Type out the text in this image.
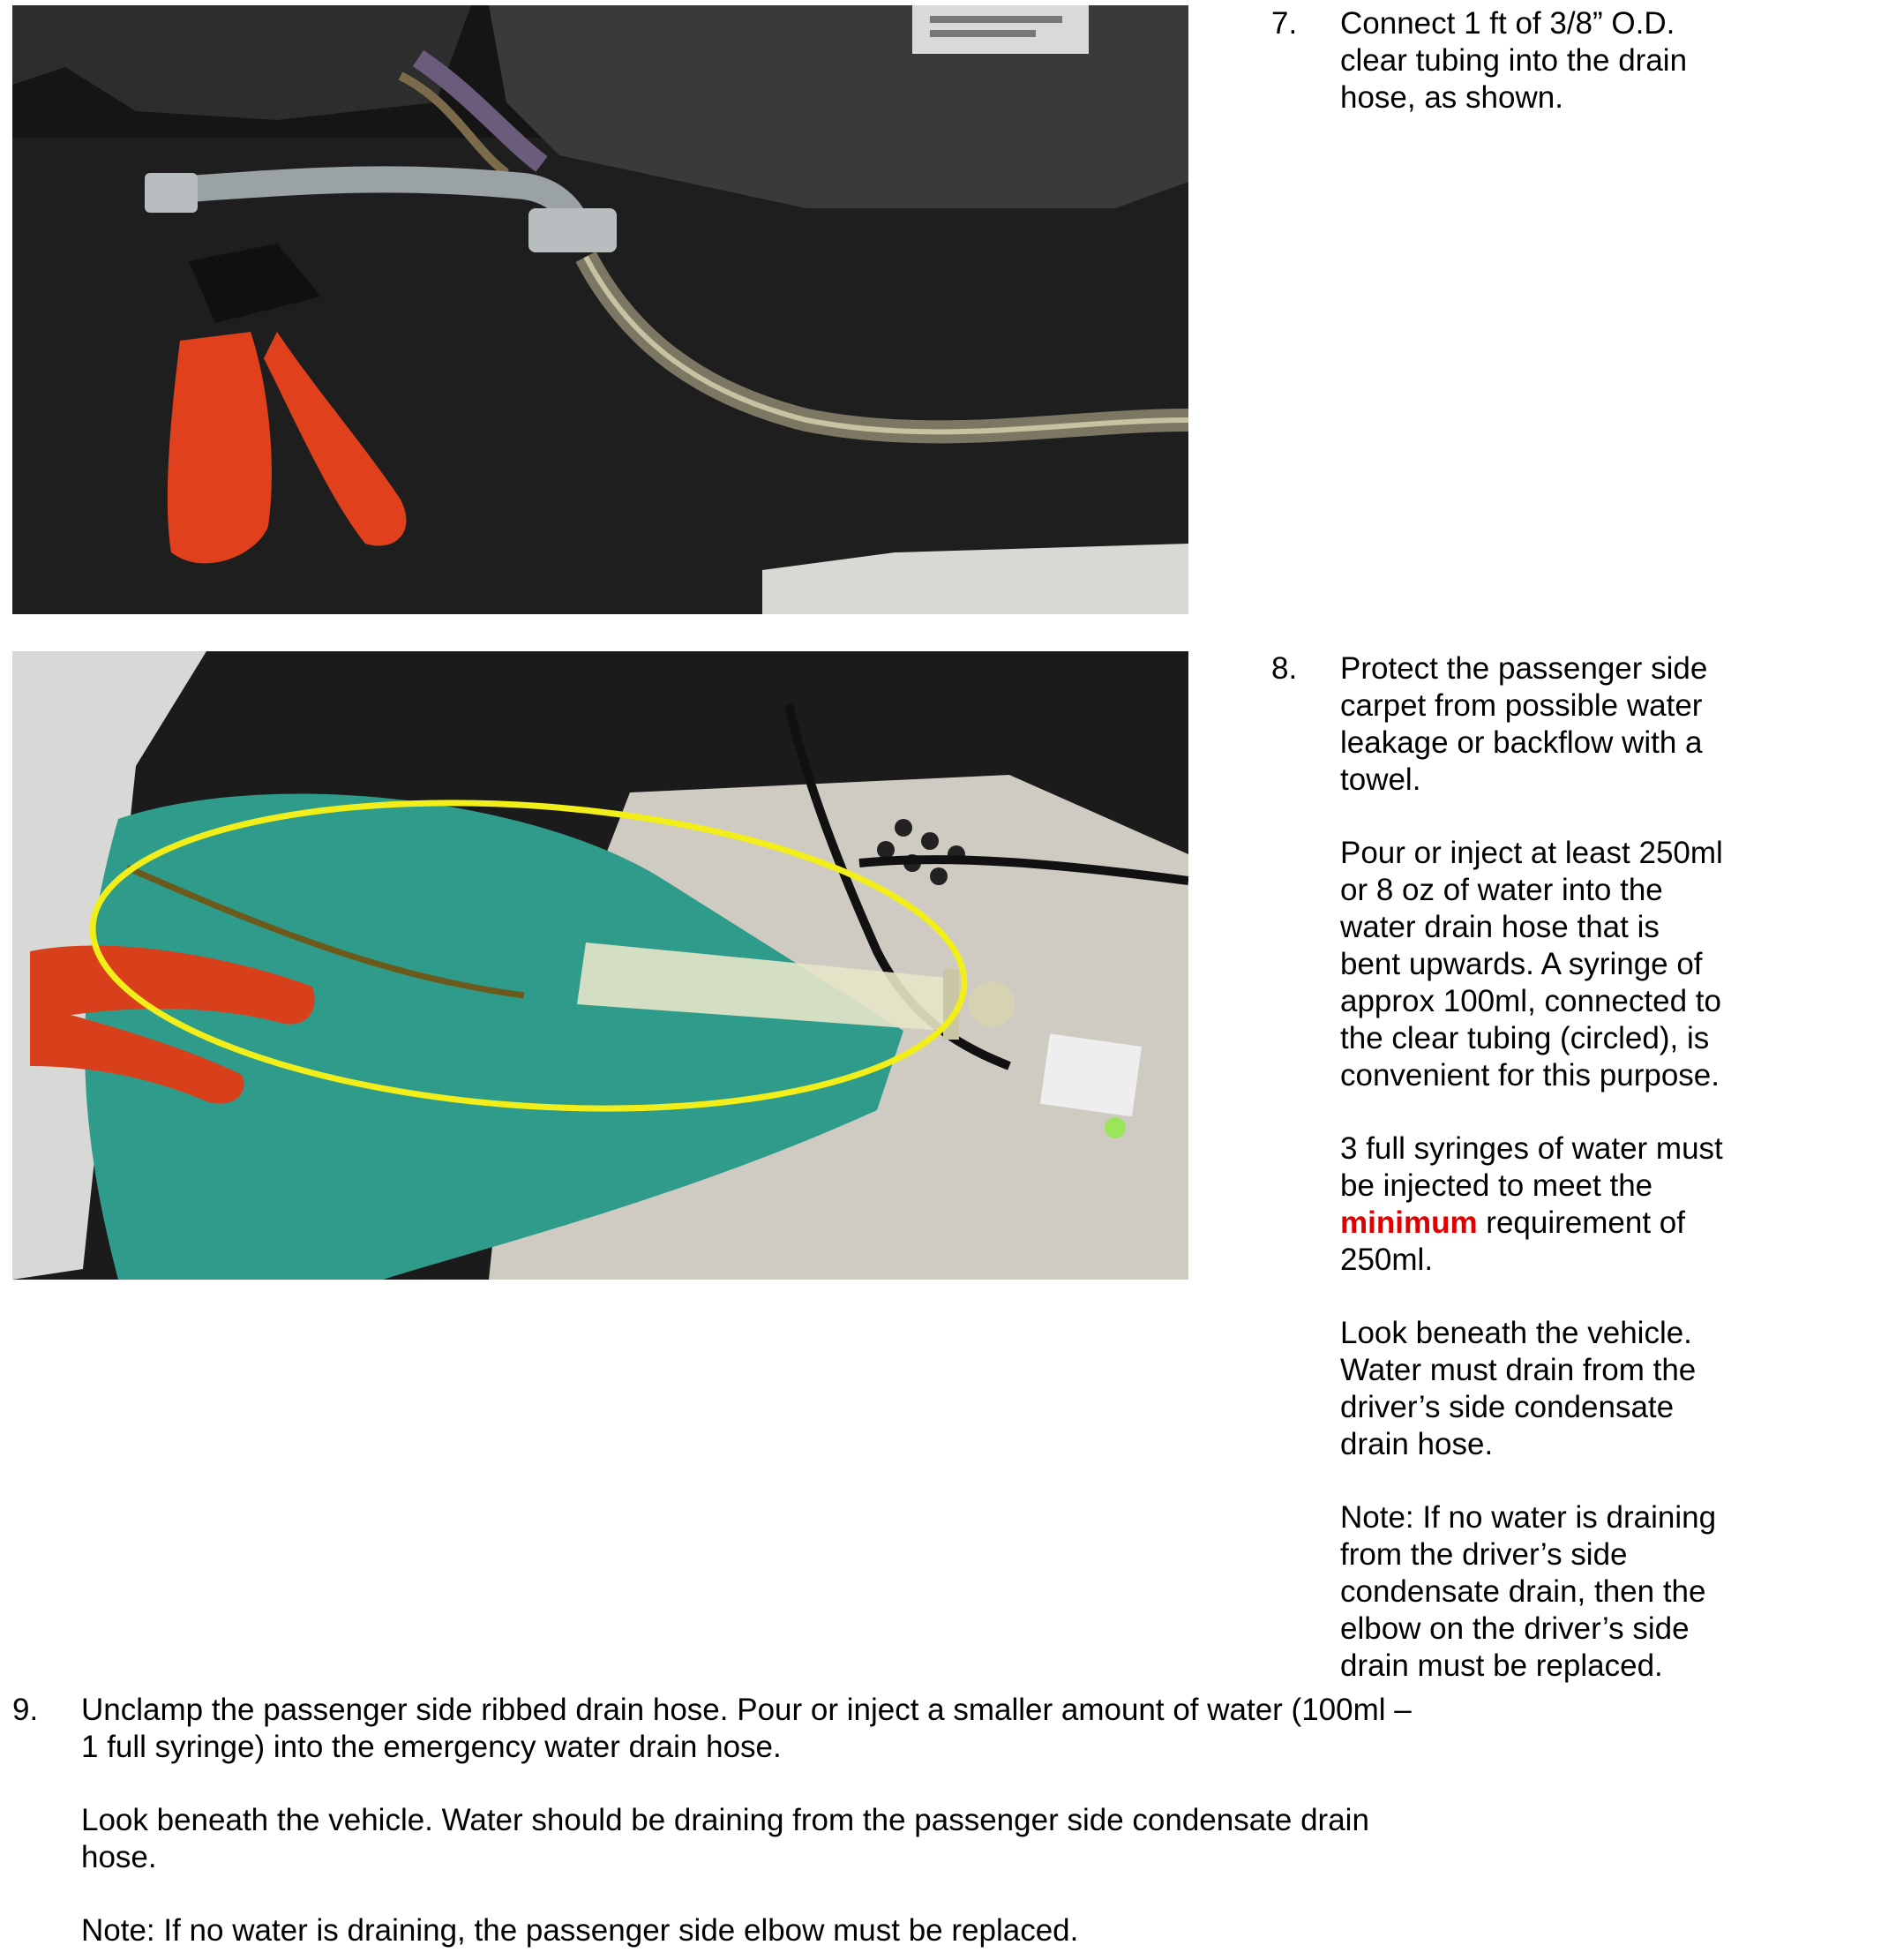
7. Connect 1 ft of 3/8” O.D.
clear tubing into the drain
hose, as shown.
8. Protect the passenger side
carpet from possible water
leakage or backflow with a
towel.
Pour or inject at least 250ml
or 8 oz of water into the
water drain hose that is
bent upwards. A syringe of
approx 100ml, connected to
the clear tubing (circled), is
convenient for this purpose.
3 full syringes of water must
be injected to meet the
minimum requirement of
250ml.
Look beneath the vehicle.
Water must drain from the
driver’s side condensate
drain hose.
Note: If no water is draining
from the driver’s side
condensate drain, then the
elbow on the driver’s side
drain must be replaced.
9. Unclamp the passenger side ribbed drain hose. Pour or inject a smaller amount of water (100ml –
1 full syringe) into the emergency water drain hose.
Look beneath the vehicle. Water should be draining from the passenger side condensate drain
hose.
Note: If no water is draining, the passenger side elbow must be replaced.
